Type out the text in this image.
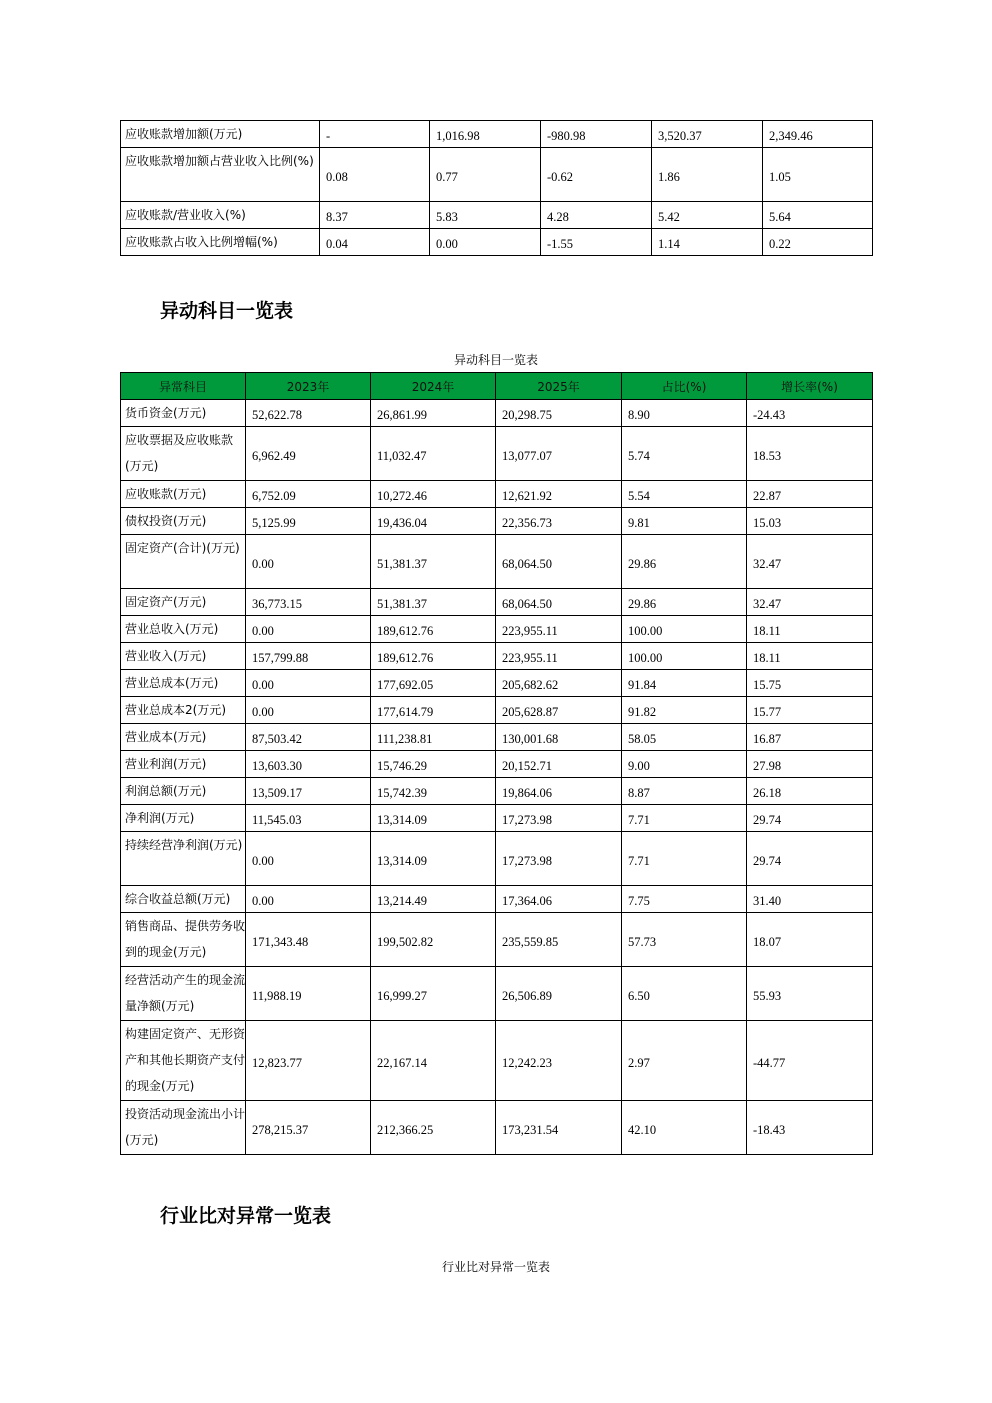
应收账款增加额(万元)	-	1,016.98	-980.98	3,520.37	2,349.46
应收账款增加额占营业收入比例(%)	0.08	0.77	-0.62	1.86	1.05
应收账款/营业收入(%)	8.37	5.83	4.28	5.42	5.64
应收账款占收入比例增幅(%)	0.04	0.00	-1.55	1.14	0.22
异动科目一览表
异动科目一览表
异常科目	2023年	2024年	2025年	占比(%)	增长率(%)
货币资金(万元)	52,622.78	26,861.99	20,298.75	8.90	-24.43
应收票据及应收账款(万元)	6,962.49	11,032.47	13,077.07	5.74	18.53
应收账款(万元)	6,752.09	10,272.46	12,621.92	5.54	22.87
债权投资(万元)	5,125.99	19,436.04	22,356.73	9.81	15.03
固定资产(合计)(万元)	0.00	51,381.37	68,064.50	29.86	32.47
固定资产(万元)	36,773.15	51,381.37	68,064.50	29.86	32.47
营业总收入(万元)	0.00	189,612.76	223,955.11	100.00	18.11
营业收入(万元)	157,799.88	189,612.76	223,955.11	100.00	18.11
营业总成本(万元)	0.00	177,692.05	205,682.62	91.84	15.75
营业总成本2(万元)	0.00	177,614.79	205,628.87	91.82	15.77
营业成本(万元)	87,503.42	111,238.81	130,001.68	58.05	16.87
营业利润(万元)	13,603.30	15,746.29	20,152.71	9.00	27.98
利润总额(万元)	13,509.17	15,742.39	19,864.06	8.87	26.18
净利润(万元)	11,545.03	13,314.09	17,273.98	7.71	29.74
持续经营净利润(万元)	0.00	13,314.09	17,273.98	7.71	29.74
综合收益总额(万元)	0.00	13,214.49	17,364.06	7.75	31.40
销售商品、提供劳务收到的现金(万元)	171,343.48	199,502.82	235,559.85	57.73	18.07
经营活动产生的现金流量净额(万元)	11,988.19	16,999.27	26,506.89	6.50	55.93
构建固定资产、无形资产和其他长期资产支付的现金(万元)	12,823.77	22,167.14	12,242.23	2.97	-44.77
投资活动现金流出小计(万元)	278,215.37	212,366.25	173,231.54	42.10	-18.43
行业比对异常一览表
行业比对异常一览表
